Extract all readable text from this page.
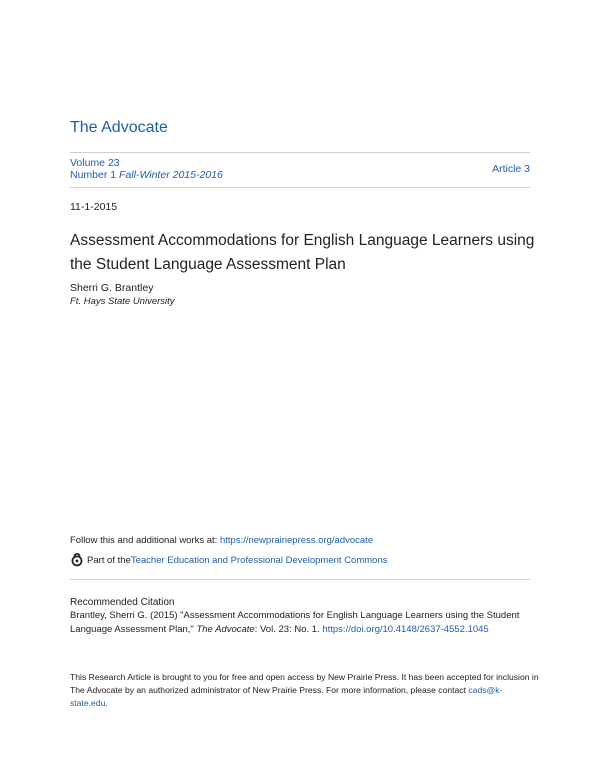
The Advocate
Volume 23
Number 1 Fall-Winter 2015-2016	Article 3
11-1-2015
Assessment Accommodations for English Language Learners using the Student Language Assessment Plan
Sherri G. Brantley
Ft. Hays State University
Follow this and additional works at: https://newprairiepress.org/advocate
Part of the Teacher Education and Professional Development Commons
Recommended Citation
Brantley, Sherri G. (2015) "Assessment Accommodations for English Language Learners using the Student Language Assessment Plan," The Advocate: Vol. 23: No. 1. https://doi.org/10.4148/2637-4552.1045
This Research Article is brought to you for free and open access by New Prairie Press. It has been accepted for inclusion in The Advocate by an authorized administrator of New Prairie Press. For more information, please contact cads@k-state.edu.
